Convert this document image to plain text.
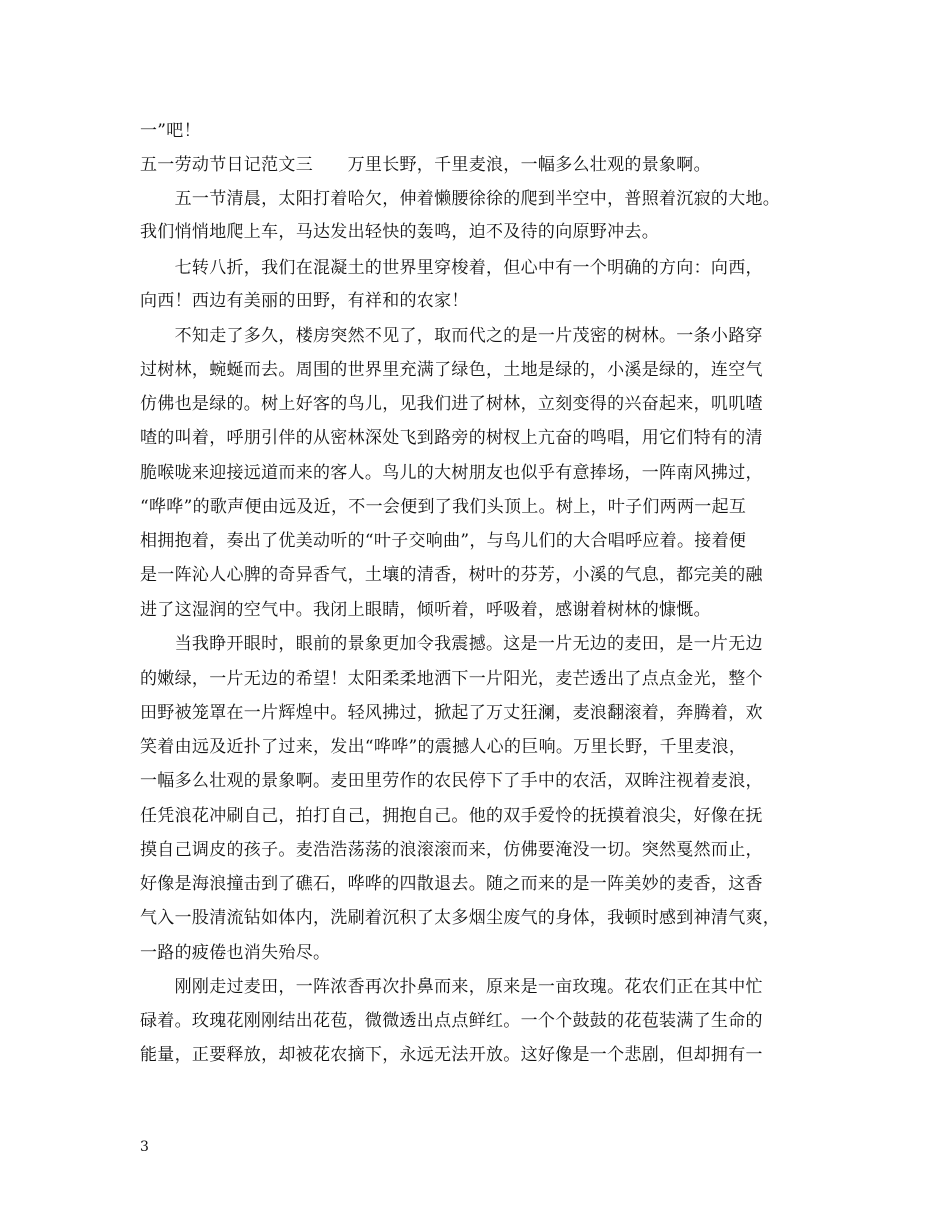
一”吧！
五一劳动节日记范文三　　万里长野，千里麦浪，一幅多么壮观的景象啊。
　　五一节清晨，太阳打着哈欠，伸着懒腰徐徐的爬到半空中，普照着沉寂的大地。
我们悄悄地爬上车，马达发出轻快的轰鸣，迫不及待的向原野冲去。
　　七转八折，我们在混凝土的世界里穿梭着，但心中有一个明确的方向：向西，
向西！西边有美丽的田野，有祥和的农家！
　　不知走了多久，楼房突然不见了，取而代之的是一片茂密的树林。一条小路穿
过树林，蜿蜒而去。周围的世界里充满了绿色，土地是绿的，小溪是绿的，连空气
仿佛也是绿的。树上好客的鸟儿，见我们进了树林，立刻变得的兴奋起来，叽叽喳
喳的叫着，呼朋引伴的从密林深处飞到路旁的树杈上亢奋的鸣唱，用它们特有的清
脆喉咙来迎接远道而来的客人。鸟儿的大树朋友也似乎有意捧场，一阵南风拂过，
“哗哗”的歌声便由远及近，不一会便到了我们头顶上。树上，叶子们两两一起互
相拥抱着，奏出了优美动听的“叶子交响曲”，与鸟儿们的大合唱呼应着。接着便
是一阵沁人心脾的奇异香气，土壤的清香，树叶的芬芳，小溪的气息，都完美的融
进了这湿润的空气中。我闭上眼睛，倾听着，呼吸着，感谢着树林的慷慨。
　　当我睁开眼时，眼前的景象更加令我震撼。这是一片无边的麦田，是一片无边
的嫩绿，一片无边的希望！太阳柔柔地洒下一片阳光，麦芒透出了点点金光，整个
田野被笼罩在一片辉煌中。轻风拂过，掀起了万丈狂澜，麦浪翻滚着，奔腾着，欢
笑着由远及近扑了过来，发出“哗哗”的震撼人心的巨响。万里长野，千里麦浪，
一幅多么壮观的景象啊。麦田里劳作的农民停下了手中的农活，双眸注视着麦浪，
任凭浪花冲刷自己，拍打自己，拥抱自己。他的双手爱怜的抚摸着浪尖，好像在抚
摸自己调皮的孩子。麦浩浩荡荡的浪滚滚而来，仿佛要淹没一切。突然戛然而止，
好像是海浪撞击到了礁石，哗哗的四散退去。随之而来的是一阵美妙的麦香，这香
气入一股清流钻如体内，洗刷着沉积了太多烟尘废气的身体，我顿时感到神清气爽，
一路的疲倦也消失殆尽。
　　刚刚走过麦田，一阵浓香再次扑鼻而来，原来是一亩玫瑰。花农们正在其中忙
碌着。玫瑰花刚刚结出花苞，微微透出点点鲜红。一个个鼓鼓的花苞装满了生命的
能量，正要释放，却被花农摘下，永远无法开放。这好像是一个悲剧，但却拥有一
3
